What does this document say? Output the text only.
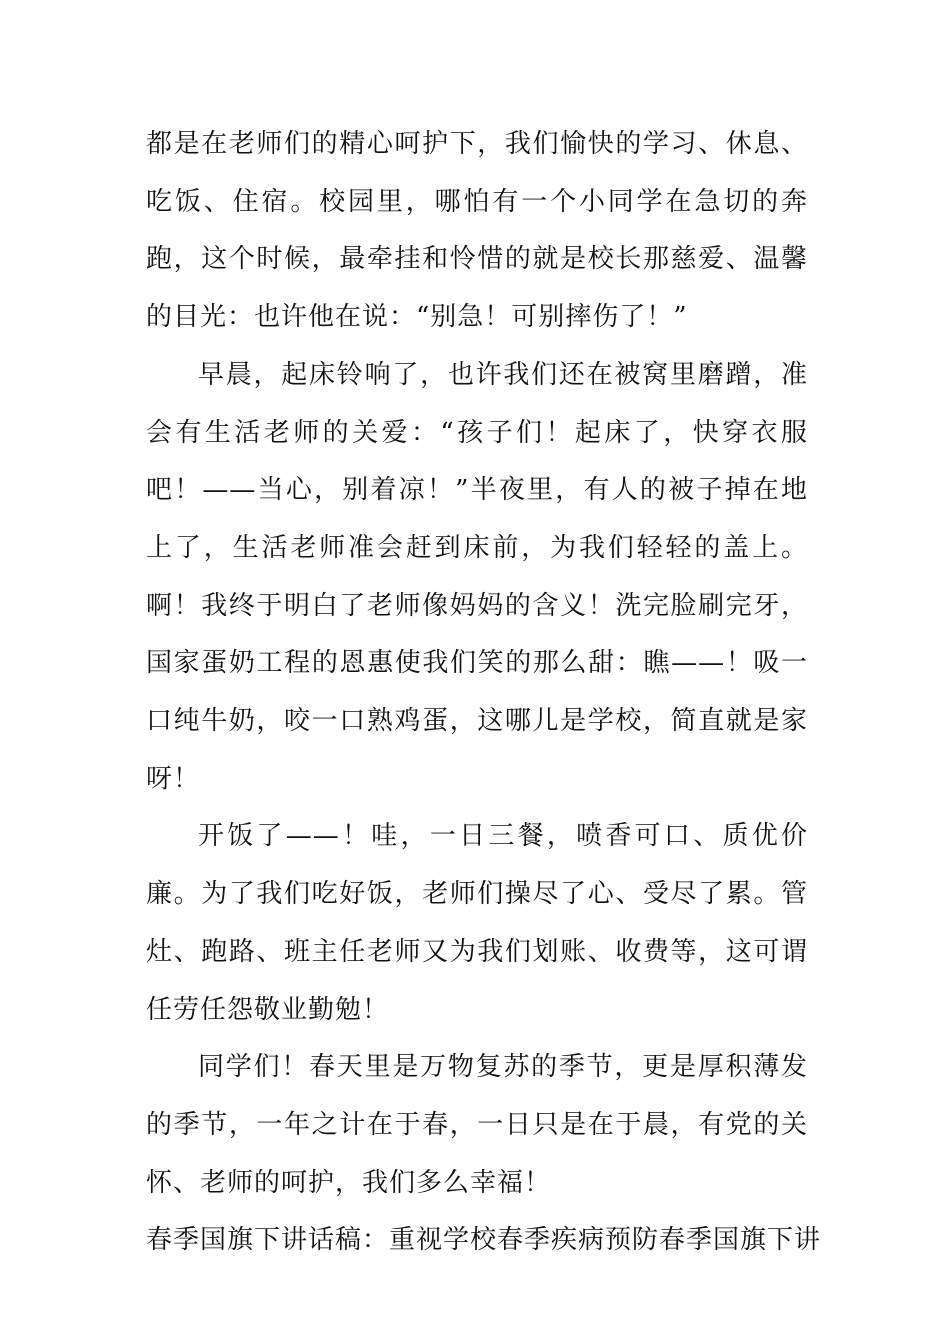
都是在老师们的精心呵护下，我们愉快的学习、休息、吃饭、住宿。校园里，哪怕有一个小同学在急切的奔跑，这个时候，最牵挂和怜惜的就是校长那慈爱、温馨的目光：也许他在说：“别急！可别摔伤了！”

早晨，起床铃响了，也许我们还在被窝里磨蹭，准会有生活老师的关爱：“孩子们！起床了，快穿衣服吧！——当心，别着凉！”半夜里，有人的被子掉在地上了，生活老师准会赶到床前，为我们轻轻的盖上。啊！我终于明白了老师像妈妈的含义！洗完脸刷完牙，国家蛋奶工程的恩惠使我们笑的那么甜：瞧——！吸一口纯牛奶，咬一口熟鸡蛋，这哪儿是学校，简直就是家呀！

开饭了——！哇，一日三餐，喷香可口、质优价廉。为了我们吃好饭，老师们操尽了心、受尽了累。管灶、跑路、班主任老师又为我们划账、收费等，这可谓任劳任怨敬业勤勉！

同学们！春天里是万物复苏的季节，更是厚积薄发的季节，一年之计在于春，一日只是在于晨，有党的关怀、老师的呵护，我们多么幸福！

春季国旗下讲话稿：重视学校春季疾病预防春季国旗下讲
